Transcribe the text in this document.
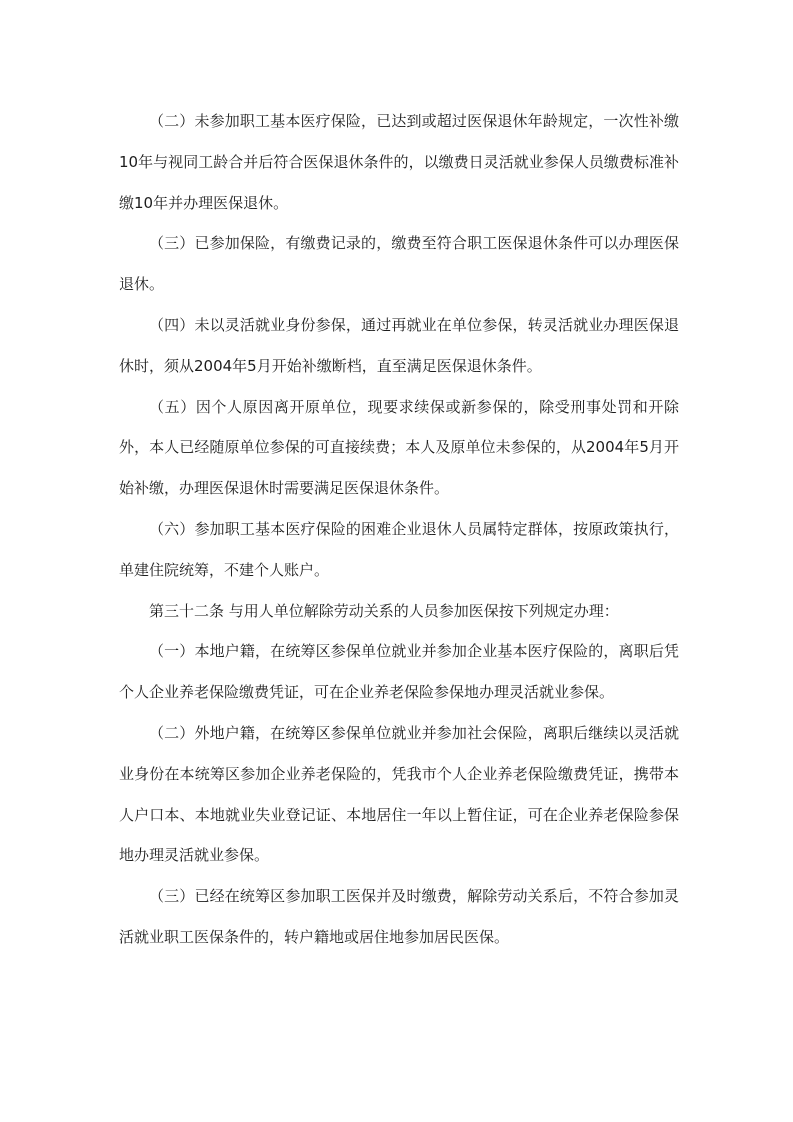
（二）未参加职工基本医疗保险，已达到或超过医保退休年龄规定，一次性补缴10年与视同工龄合并后符合医保退休条件的，以缴费日灵活就业参保人员缴费标准补缴10年并办理医保退休。

（三）已参加保险，有缴费记录的，缴费至符合职工医保退休条件可以办理医保退休。

（四）未以灵活就业身份参保，通过再就业在单位参保，转灵活就业办理医保退休时，须从2004年5月开始补缴断档，直至满足医保退休条件。

（五）因个人原因离开原单位，现要求续保或新参保的，除受刑事处罚和开除外，本人已经随原单位参保的可直接续费；本人及原单位未参保的，从2004年5月开始补缴，办理医保退休时需要满足医保退休条件。

（六）参加职工基本医疗保险的困难企业退休人员属特定群体，按原政策执行，单建住院统筹，不建个人账户。

第三十二条 与用人单位解除劳动关系的人员参加医保按下列规定办理：

（一）本地户籍，在统筹区参保单位就业并参加企业基本医疗保险的，离职后凭个人企业养老保险缴费凭证，可在企业养老保险参保地办理灵活就业参保。

（二）外地户籍，在统筹区参保单位就业并参加社会保险，离职后继续以灵活就业身份在本统筹区参加企业养老保险的，凭我市个人企业养老保险缴费凭证，携带本人户口本、本地就业失业登记证、本地居住一年以上暂住证，可在企业养老保险参保地办理灵活就业参保。

（三）已经在统筹区参加职工医保并及时缴费，解除劳动关系后，不符合参加灵活就业职工医保条件的，转户籍地或居住地参加居民医保。
